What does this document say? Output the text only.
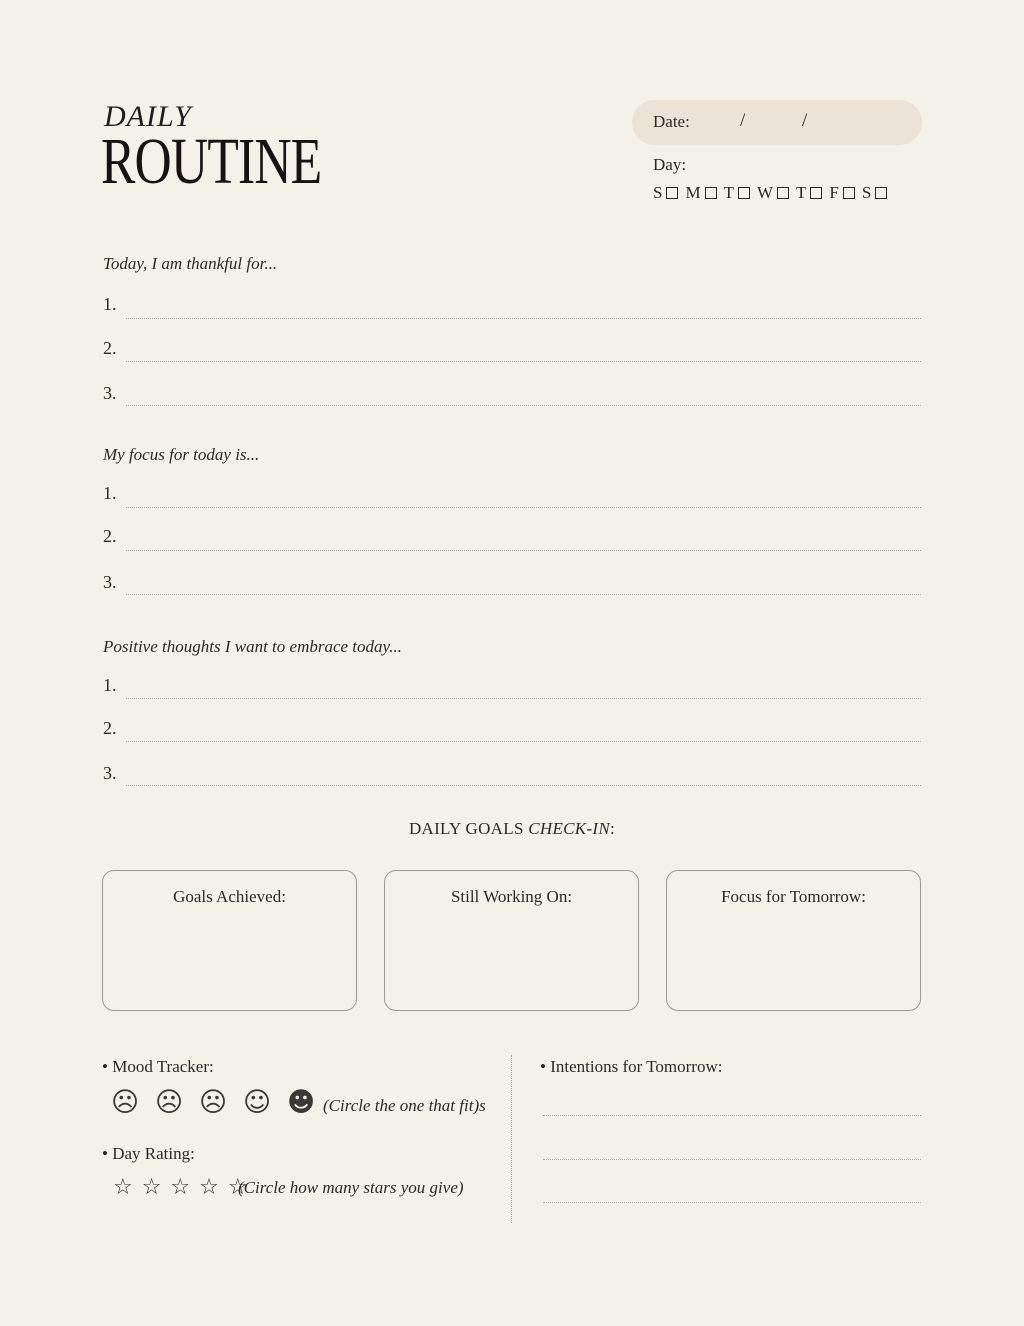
DAILY
ROUTINE
Date:	/	/
Day:
S M T W T F S
Today, I am thankful for...
1.
2.
3.
My focus for today is...
1.
2.
3.
Positive thoughts I want to embrace today...
1.
2.
3.
DAILY GOALS CHECK-IN:
Goals Achieved:	Still Working On:	Focus for Tomorrow:
• Mood Tracker:
☹ ☹ ☹ ☺ ☻ (Circle the one that fit)s
• Day Rating:
☆ ☆ ☆ ☆ ☆
(Circle how many stars you give)
• Intentions for Tomorrow:
